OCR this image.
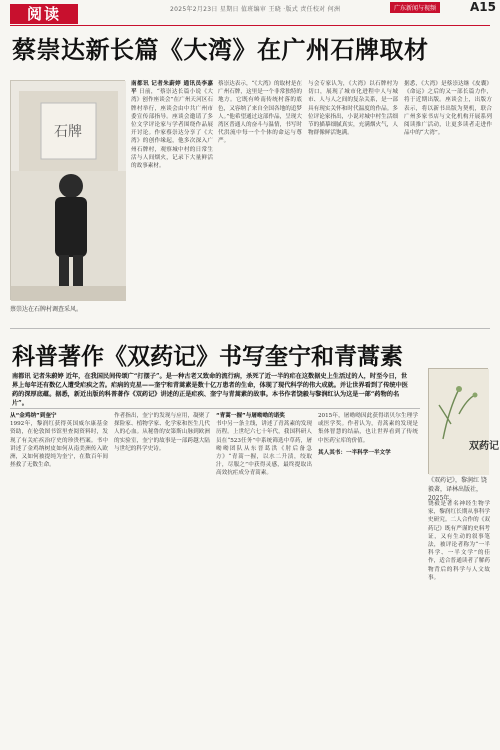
阅读	2025年2月23日 星期日 值班编审 王晓 ·版式 责任校对 何洲	广东新闻与视频	A15
蔡崇达新长篇《大湾》在广州石牌取材
石牌
蔡崇达在石牌村调查采风。
南都讯 记者朱蔚婷 通讯员李嘉平 日前，“蔡崇达长篇小说《大湾》创作座谈会”在广州天河区石牌村举行，座谈会由中共广州市委宣传部指导。座谈会邀请了多位文学评论家与学者围绕作品展开讨论。作家蔡崇达分享了《大湾》的创作缘起，他多次深入广州石牌村，观察城中村的日常生活与人间烟火，记录下大量鲜活的故事素材。
蔡崇达表示，“《大湾》的取材是在广州石牌，这里是一个非常独特的地方。它既有岭南传统村落的底色，又容纳了来自全国各地的追梦人。”他希望通过这部作品，呈现大湾区普通人的奋斗与温情，书写时代洪流中每一个个体的命运与尊严。
与会专家认为，《大湾》以石牌村为切口，展现了城市化进程中人与城市、人与人之间的复杂关系，是一部具有现实关怀和时代温度的作品。多位评论家指出，小说对城中村生活细节的描摹细腻真实，充满烟火气，人物群像鲜活饱满。
据悉，《大湾》是蔡崇达继《皮囊》《命运》之后的又一部长篇力作，将于近期出版。座谈会上，出版方表示，将以新书出版为契机，联合广州多家书店与文化机构开展系列阅读推广活动，让更多读者走进作品中的“大湾”。
科普著作《双药记》书写奎宁和青蒿素
南都讯 记者朱蔚婷 近年，在我国民间传颂广“打摆子”。是一种古老又致命的流行病，杀死了近一半的疟在这数据史上生活过的人，时至今日，世界上每年还有数亿人遭受疟疾之苦。疟病的克星——奎宁和青蒿素是数十亿万患者的生命，体现了现代科学的伟大成就。并让世界看到了传统中医药的深厚底蕴。据悉，新近出版的科普著作《双药记》讲述的正是疟疾、奎宁与青蒿素的故事。本书作者饶毅与黎润红认为这是一部“药物的名片”。
双药记
《双药记》，黎润红 饶毅著，译林出版社，2025年。
从“金鸡纳”到奎宁
1992年，黎润红获得英国威尔康基金资助，在伦敦图书馆里查阅资料时，发现了有关疟疾治疗史的珍贵档案。书中讲述了金鸡纳树皮如何从南美洲传入欧洲，又如何被提纯为奎宁，在数百年间拯救了无数生命。
作者指出，奎宁的发现与应用，凝聚了探险家、植物学家、化学家和医生几代人的心血。从秘鲁的安第斯山脉到欧洲的实验室，奎宁的故事是一部跨越大陆与世纪的科学史诗。
“青蒿一握”与屠呦呦的诺奖
书中另一条主线，讲述了青蒿素的发现历程。上世纪六七十年代，我国科研人员在“523任务”中系统筛选中草药，屠呦呦团队从东晋葛洪《肘后备急方》“青蒿一握，以水二升渍，绞取汁，尽服之”中获得灵感，最终提取出高效抗疟成分青蒿素。
2015年，屠呦呦因此获得诺贝尔生理学或医学奖。作者认为，青蒿素的发现是集体智慧的结晶，也让世界看到了传统中医药宝库的价值。
其人其书：一半科学一半文学
饶毅是著名神经生物学家，黎润红长期从事科学史研究。二人合作的《双药记》既有严谨的史料考证，又有生动的叙事笔法，被评论者称为“一半科学、一半文学”的佳作，适合普通读者了解药物背后的科学与人文故事。
